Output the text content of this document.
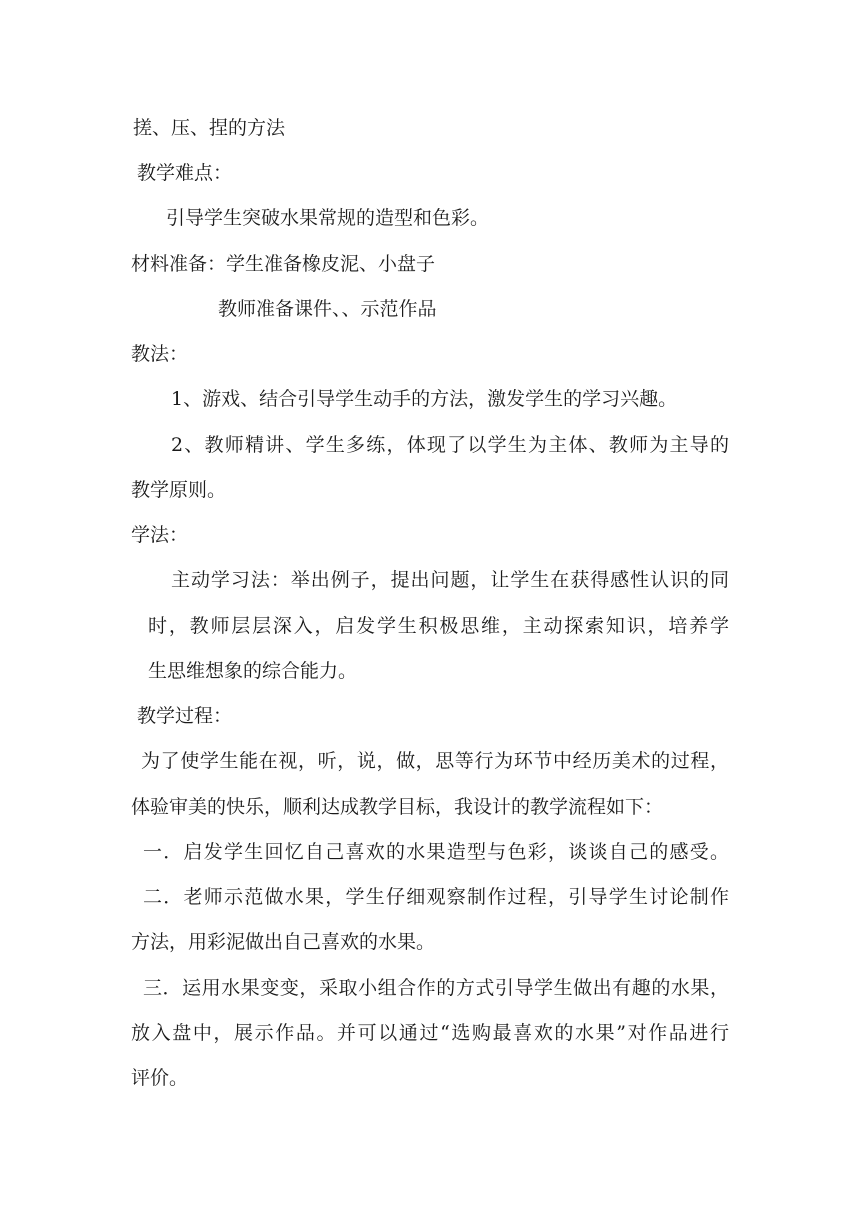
搓、压、捏的方法
教学难点：
引导学生突破水果常规的造型和色彩。
材料准备：学生准备橡皮泥、小盘子
教师准备课件、、示范作品
教法：
1、游戏、结合引导学生动手的方法，激发学生的学习兴趣。
2、教师精讲、学生多练，体现了以学生为主体、教师为主导的
教学原则。
学法：
主动学习法：举出例子，提出问题，让学生在获得感性认识的同
时，教师层层深入，启发学生积极思维，主动探索知识，培养学
生思维想象的综合能力。
教学过程：
为了使学生能在视，听，说，做，思等行为环节中经历美术的过程，
体验审美的快乐，顺利达成教学目标，我设计的教学流程如下：
一．启发学生回忆自己喜欢的水果造型与色彩，谈谈自己的感受。
二．老师示范做水果，学生仔细观察制作过程，引导学生讨论制作
方法，用彩泥做出自己喜欢的水果。
三．运用水果变变，采取小组合作的方式引导学生做出有趣的水果，
放入盘中，展示作品。并可以通过“选购最喜欢的水果”对作品进行
评价。
